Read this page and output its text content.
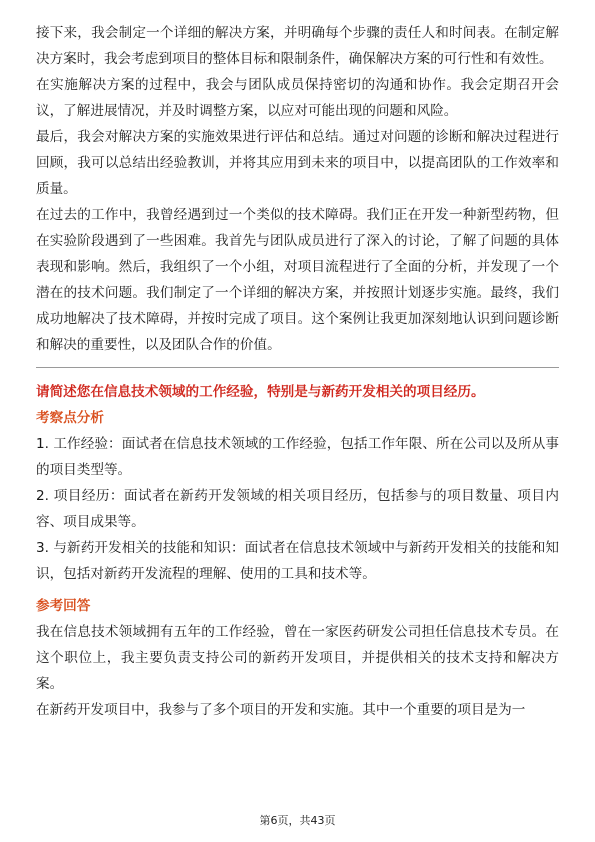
接下来，我会制定一个详细的解决方案，并明确每个步骤的责任人和时间表。在制定解决方案时，我会考虑到项目的整体目标和限制条件，确保解决方案的可行性和有效性。

在实施解决方案的过程中，我会与团队成员保持密切的沟通和协作。我会定期召开会议，了解进展情况，并及时调整方案，以应对可能出现的问题和风险。

最后，我会对解决方案的实施效果进行评估和总结。通过对问题的诊断和解决过程进行回顾，我可以总结出经验教训，并将其应用到未来的项目中，以提高团队的工作效率和质量。

在过去的工作中，我曾经遇到过一个类似的技术障碍。我们正在开发一种新型药物，但在实验阶段遇到了一些困难。我首先与团队成员进行了深入的讨论，了解了问题的具体表现和影响。然后，我组织了一个小组，对项目流程进行了全面的分析，并发现了一个潜在的技术问题。我们制定了一个详细的解决方案，并按照计划逐步实施。最终，我们成功地解决了技术障碍，并按时完成了项目。这个案例让我更加深刻地认识到问题诊断和解决的重要性，以及团队合作的价值。

请简述您在信息技术领域的工作经验，特别是与新药开发相关的项目经历。

考察点分析

1. 工作经验：面试者在信息技术领域的工作经验，包括工作年限、所在公司以及所从事的项目类型等。

2. 项目经历：面试者在新药开发领域的相关项目经历，包括参与的项目数量、项目内容、项目成果等。

3. 与新药开发相关的技能和知识：面试者在信息技术领域中与新药开发相关的技能和知识，包括对新药开发流程的理解、使用的工具和技术等。

参考回答

我在信息技术领域拥有五年的工作经验，曾在一家医药研发公司担任信息技术专员。在这个职位上，我主要负责支持公司的新药开发项目，并提供相关的技术支持和解决方案。

在新药开发项目中，我参与了多个项目的开发和实施。其中一个重要的项目是为一

第6页，共43页
